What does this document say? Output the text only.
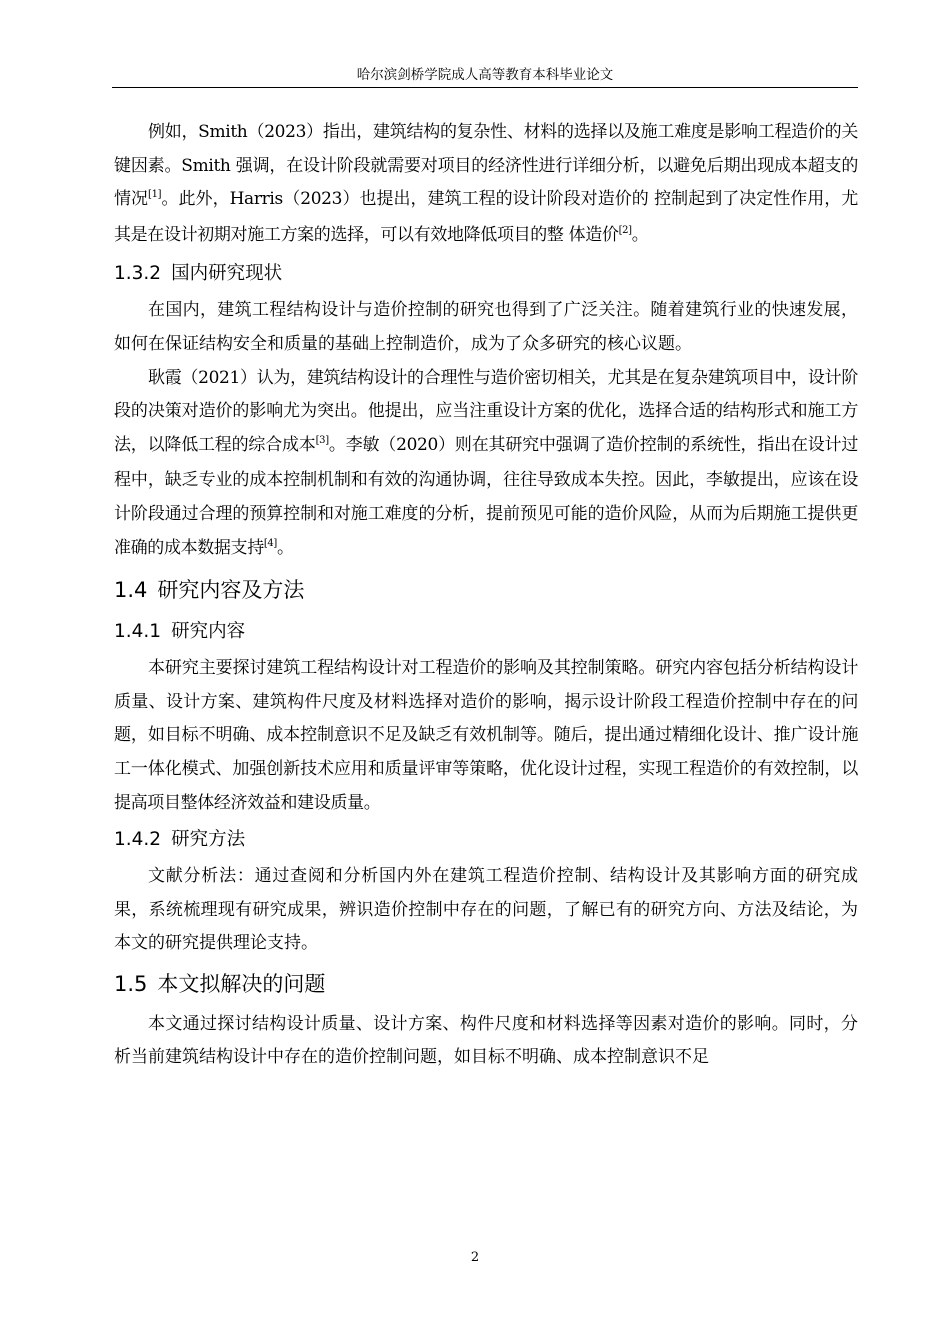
哈尔滨剑桥学院成人高等教育本科毕业论文

例如，Smith（2023）指出，建筑结构的复杂性、材料的选择以及施工难度是影响工程造价的关键因素。Smith 强调，在设计阶段就需要对项目的经济性进行详细分析，以避免后期出现成本超支的情况[1]。此外，Harris（2023）也提出，建筑工程的设计阶段对造价的 控制起到了决定性作用，尤其是在设计初期对施工方案的选择，可以有效地降低项目的整 体造价[2]。

1.3.2 国内研究现状

在国内，建筑工程结构设计与造价控制的研究也得到了广泛关注。随着建筑行业的快速发展，如何在保证结构安全和质量的基础上控制造价，成为了众多研究的核心议题。

耿霞（2021）认为，建筑结构设计的合理性与造价密切相关，尤其是在复杂建筑项目中，设计阶段的决策对造价的影响尤为突出。他提出，应当注重设计方案的优化，选择合适的结构形式和施工方法，以降低工程的综合成本[3]。李敏（2020）则在其研究中强调了造价控制的系统性，指出在设计过程中，缺乏专业的成本控制机制和有效的沟通协调，往往导致成本失控。因此，李敏提出，应该在设计阶段通过合理的预算控制和对施工难度的分析，提前预见可能的造价风险，从而为后期施工提供更准确的成本数据支持[4]。

1.4 研究内容及方法
1.4.1 研究内容

本研究主要探讨建筑工程结构设计对工程造价的影响及其控制策略。研究内容包括分析结构设计质量、设计方案、建筑构件尺度及材料选择对造价的影响，揭示设计阶段工程造价控制中存在的问题，如目标不明确、成本控制意识不足及缺乏有效机制等。随后，提出通过精细化设计、推广设计施工一体化模式、加强创新技术应用和质量评审等策略，优化设计过程，实现工程造价的有效控制，以提高项目整体经济效益和建设质量。

1.4.2 研究方法

文献分析法：通过查阅和分析国内外在建筑工程造价控制、结构设计及其影响方面的研究成果，系统梳理现有研究成果，辨识造价控制中存在的问题，了解已有的研究方向、方法及结论，为本文的研究提供理论支持。

1.5 本文拟解决的问题

本文通过探讨结构设计质量、设计方案、构件尺度和材料选择等因素对造价的影响。同时，分析当前建筑结构设计中存在的造价控制问题，如目标不明确、成本控制意识不足

2
